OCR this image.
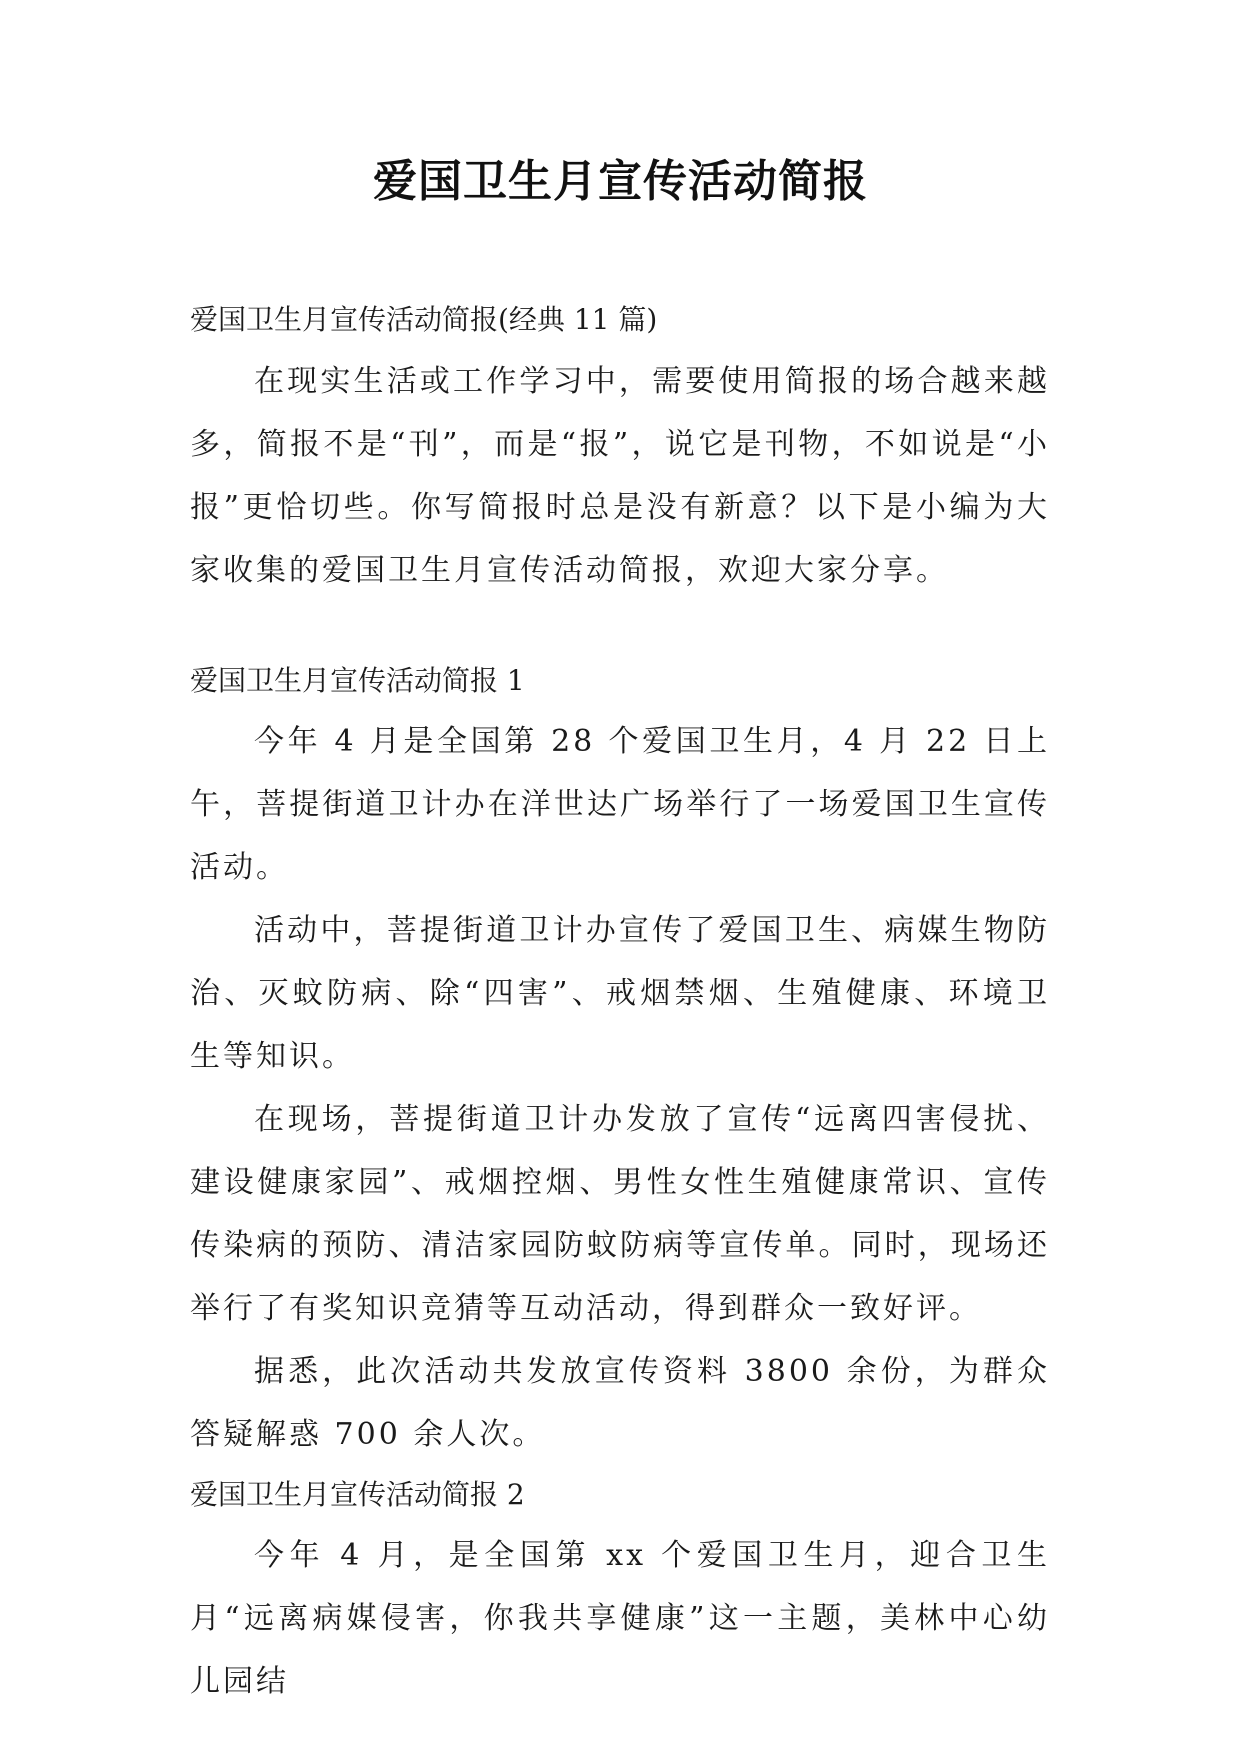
爱国卫生月宣传活动简报

爱国卫生月宣传活动简报(经典 11 篇)

在现实生活或工作学习中，需要使用简报的场合越来越多，简报不是“刊”，而是“报”，说它是刊物，不如说是“小报”更恰切些。你写简报时总是没有新意？以下是小编为大家收集的爱国卫生月宣传活动简报，欢迎大家分享。

爱国卫生月宣传活动简报 1

今年 4 月是全国第 28 个爱国卫生月，4 月 22 日上午，菩提街道卫计办在洋世达广场举行了一场爱国卫生宣传活动。

活动中，菩提街道卫计办宣传了爱国卫生、病媒生物防治、灭蚊防病、除“四害”、戒烟禁烟、生殖健康、环境卫生等知识。

在现场，菩提街道卫计办发放了宣传“远离四害侵扰、建设健康家园”、戒烟控烟、男性女性生殖健康常识、宣传传染病的预防、清洁家园防蚊防病等宣传单。同时，现场还举行了有奖知识竞猜等互动活动，得到群众一致好评。

据悉，此次活动共发放宣传资料 3800 余份，为群众答疑解惑 700 余人次。

爱国卫生月宣传活动简报 2

今年 4 月，是全国第 xx 个爱国卫生月，迎合卫生月“远离病媒侵害，你我共享健康”这一主题，美林中心幼儿园结
